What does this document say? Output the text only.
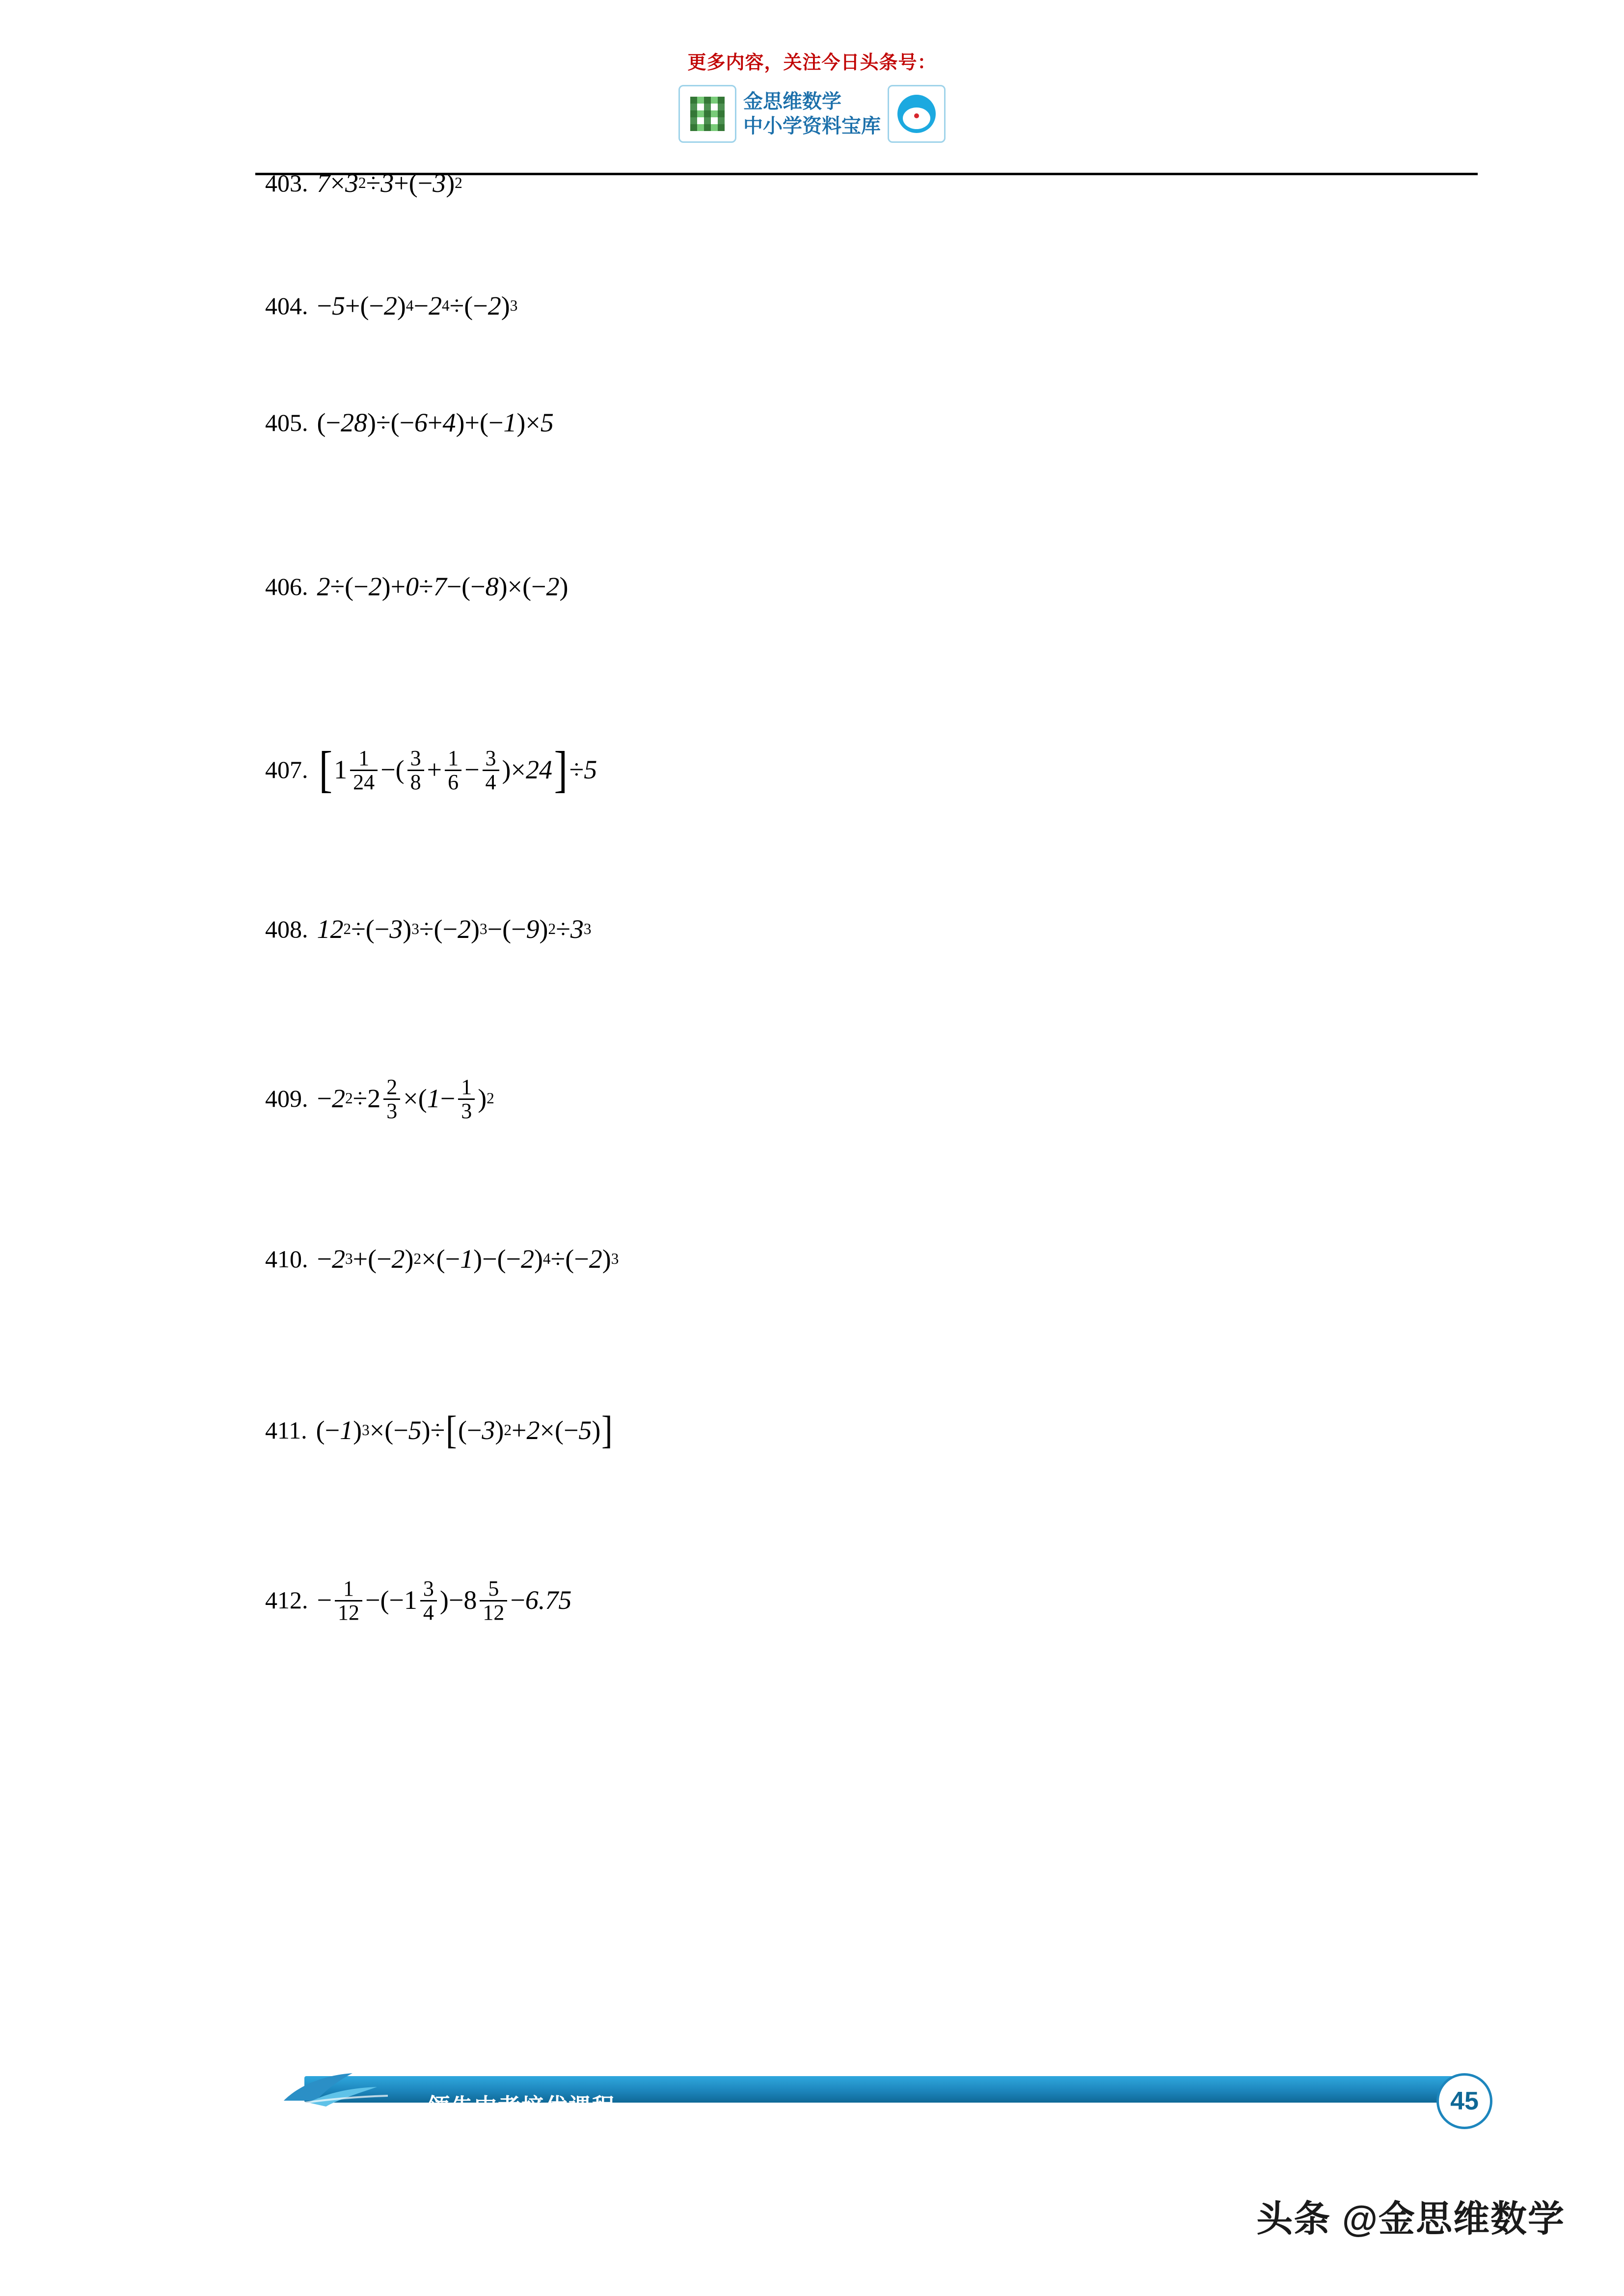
更多内容，关注今日头条号：
金思维数学
中小学资料宝库
403. 7 × 3 2 ÷ 3 + ( − 3 ) 2
404. − 5 + ( − 2 ) 4 − 2 4 ÷ ( − 2 ) 3
405. ( − 28 ) ÷ ( − 6 + 4 ) + ( − 1 ) × 5
406. 2 ÷ ( − 2 ) + 0 ÷ 7 − ( − 8 ) × ( − 2 )
407. [ $1 \frac{1}{24}$ − ( $\frac{3}{8} + \frac{1}{6} - \frac{3}{4}$ ) × 24 ] ÷ 5
408. 12 2 ÷ ( − 3 ) 3 ÷ ( − 2 ) 3 − ( − 9 ) 2 ÷ 3 3
409. − 2 $2 \div 2 \frac{2}{3}$ × ( $1 - \frac{1}{3}$ ) 2
410. − 2 3 + ( − 2 ) 2 × ( − 1 ) − ( − 2 ) 4 ÷ ( − 2 ) 3
411. ( − 1 ) 3 × ( − 5 ) ÷ [ ( − 3 ) 2 + 2 × ( − 5 ) ]
412. − $\frac{1}{12}$ − ( − $1 \frac{3}{4}$ ) − $8 \frac{5}{12} - 6.75$
领先中考培优课程	45
头条 @金思维数学
